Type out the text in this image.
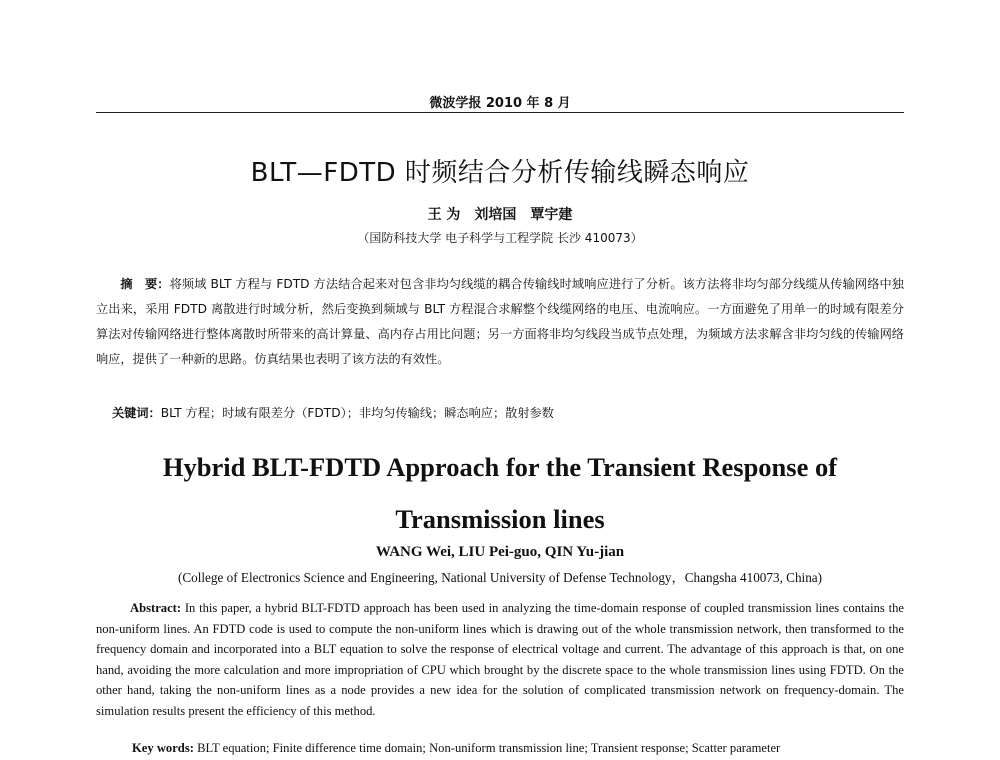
微波学报 2010 年 8 月
BLT—FDTD 时频结合分析传输线瞬态响应
王 为　刘培国　覃宇建
（国防科技大学 电子科学与工程学院 长沙 410073）

摘　要：将频域 BLT 方程与 FDTD 方法结合起来对包含非均匀线缆的耦合传输线时域响应进行了分析。该方法将非均匀部分线缆从传输网络中独立出来，采用 FDTD 离散进行时域分析，然后变换到频域与 BLT 方程混合求解整个线缆网络的电压、电流响应。一方面避免了用单一的时域有限差分算法对传输网络进行整体离散时所带来的高计算量、高内存占用比问题；另一方面将非均匀线段当成节点处理，为频域方法求解含非均匀线的传输网络响应，提供了一种新的思路。仿真结果也表明了该方法的有效性。

关键词：BLT 方程；时域有限差分（FDTD）；非均匀传输线；瞬态响应；散射参数

Hybrid BLT-FDTD Approach for the Transient Response of
Transmission lines
WANG Wei, LIU Pei-guo, QIN Yu-jian
(College of Electronics Science and Engineering, National University of Defense Technology，Changsha 410073, China)

Abstract: In this paper, a hybrid BLT-FDTD approach has been used in analyzing the time-domain response of coupled transmission lines contains the non-uniform lines. An FDTD code is used to compute the non-uniform lines which is drawing out of the whole transmission network, then transformed to the frequency domain and incorporated into a BLT equation to solve the response of electrical voltage and current. The advantage of this approach is that, on one hand, avoiding the more calculation and more impropriation of CPU which brought by the discrete space to the whole transmission lines using FDTD. On the other hand, taking the non-uniform lines as a node provides a new idea for the solution of complicated transmission network on frequency-domain. The simulation results present the efficiency of this method.

Key words: BLT equation; Finite difference time domain; Non-uniform transmission line; Transient response; Scatter parameter
